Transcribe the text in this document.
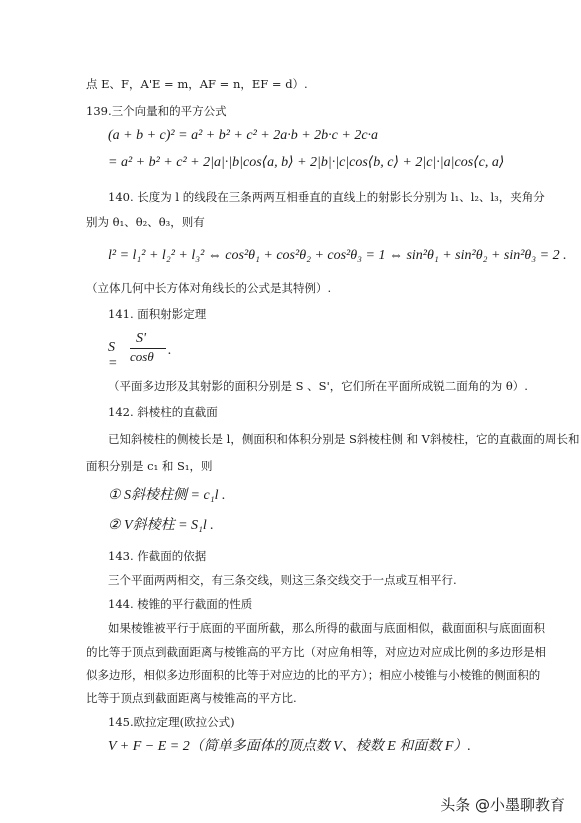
点 E、F，A'E = m，AF = n，EF = d）.
139.三个向量和的平方公式
(a + b + c)² = a² + b² + c² + 2a·b + 2b·c + 2c·a
= a² + b² + c² + 2|a|·|b|cos⟨a, b⟩ + 2|b|·|c|cos⟨b, c⟩ + 2|c|·|a|cos⟨c, a⟩
140. 长度为 l 的线段在三条两两互相垂直的直线上的射影长分别为 l₁、l₂、l₃，夹角分
别为 θ₁、θ₂、θ₃，则有
l² = l₁² + l₂² + l₃² ⇔ cos²θ₁ + cos²θ₂ + cos²θ₃ = 1 ⇔ sin²θ₁ + sin²θ₂ + sin²θ₃ = 2 .
（立体几何中长方体对角线长的公式是其特例）.
141. 面积射影定理
S =
S'
cosθ .
（平面多边形及其射影的面积分别是 S 、S'，它们所在平面所成锐二面角的为 θ）.
142. 斜棱柱的直截面
已知斜棱柱的侧棱长是 l，侧面积和体积分别是 S斜棱柱侧 和 V斜棱柱，它的直截面的周长和
面积分别是 c₁ 和 S₁，则
① S斜棱柱侧 = c₁l .
② V斜棱柱 = S₁l .
143. 作截面的依据
三个平面两两相交，有三条交线，则这三条交线交于一点或互相平行.
144. 棱锥的平行截面的性质
如果棱锥被平行于底面的平面所截，那么所得的截面与底面相似，截面面积与底面面积
的比等于顶点到截面距离与棱锥高的平方比（对应角相等，对应边对应成比例的多边形是相
似多边形，相似多边形面积的比等于对应边的比的平方）；相应小棱锥与小棱锥的侧面积的
比等于顶点到截面距离与棱锥高的平方比.
145.欧拉定理(欧拉公式)
V + F − E = 2（简单多面体的顶点数 V、棱数 E 和面数 F）.
头条 @小墨聊教育
